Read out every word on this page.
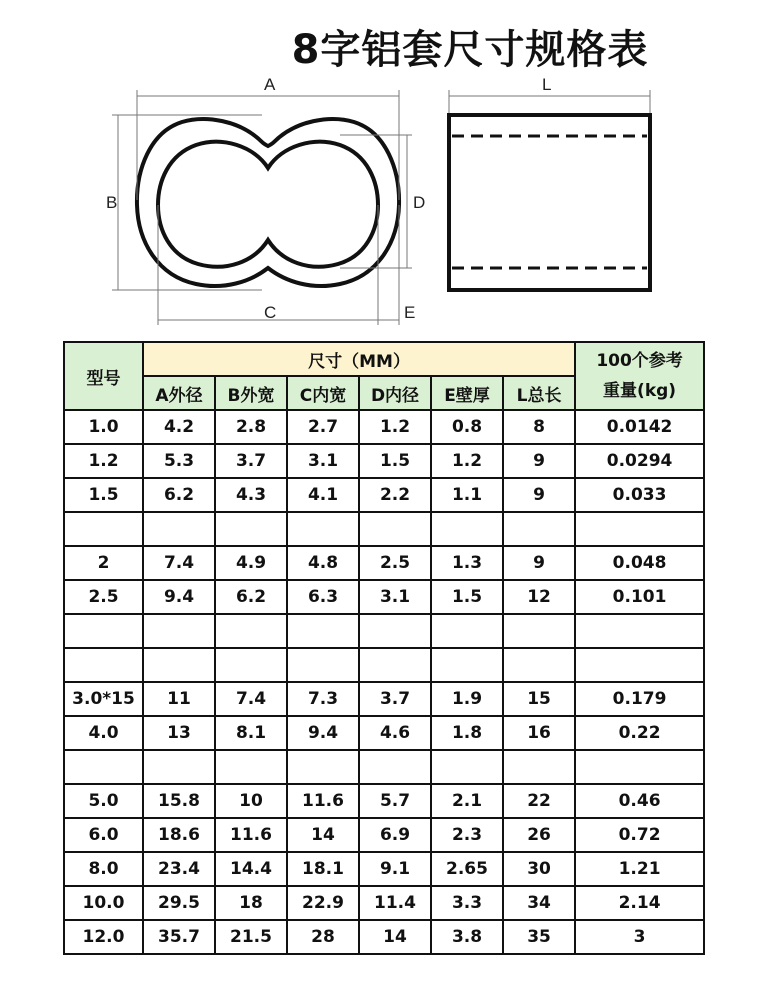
8字铝套尺寸规格表
A
B
C
D
E
L
型号	尺寸（MM）						100个参考
重量(kg)

	A外径	B外宽	C内宽	D内径	E壁厚	L总长	
1.0	4.2	2.8	2.7	1.2	0.8	8	0.0142
1.2	5.3	3.7	3.1	1.5	1.2	9	0.0294
1.5	6.2	4.3	4.1	2.2	1.1	9	0.033

2	7.4	4.9	4.8	2.5	1.3	9	0.048
2.5	9.4	6.2	6.3	3.1	1.5	12	0.101

3.0*15	11	7.4	7.3	3.7	1.9	15	0.179
4.0	13	8.1	9.4	4.6	1.8	16	0.22

5.0	15.8	10	11.6	5.7	2.1	22	0.46
6.0	18.6	11.6	14	6.9	2.3	26	0.72
8.0	23.4	14.4	18.1	9.1	2.65	30	1.21
10.0	29.5	18	22.9	11.4	3.3	34	2.14
12.0	35.7	21.5	28	14	3.8	35	3
